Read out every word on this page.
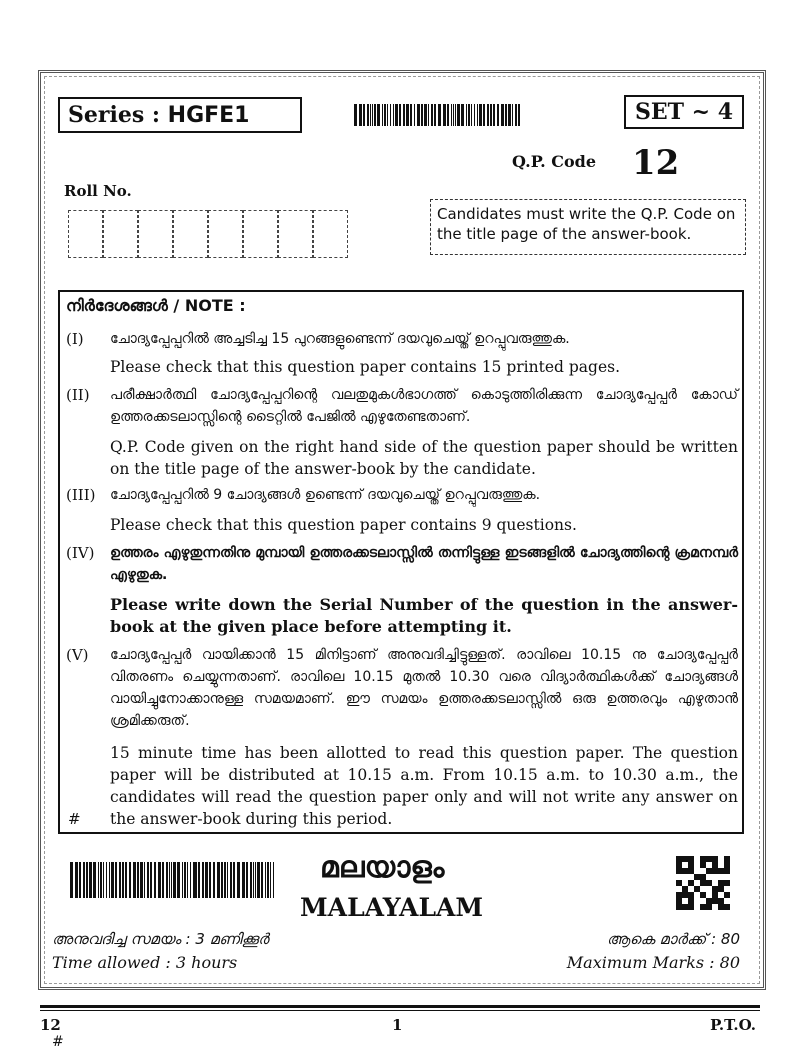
Series : HGFE1	SET ~ 4
Q.P. Code 12
Roll No.
Candidates must write the Q.P. Code on the title page of the answer-book.
നിർദേശങ്ങൾ / NOTE :
(I) ചോദ്യപ്പേപ്പറിൽ അച്ചടിച്ച 15 പുറങ്ങളുണ്ടെന്ന് ദയവുചെയ്ത് ഉറപ്പുവരുത്തുക.
Please check that this question paper contains 15 printed pages.
(II) പരീക്ഷാർത്ഥി ചോദ്യപ്പേപ്പറിന്റെ വലതുമുകൾഭാഗത്ത് കൊടുത്തിരിക്കുന്ന ചോദ്യപ്പേപ്പർ കോഡ് ഉത്തരക്കടലാസ്സിന്റെ ടൈറ്റിൽ പേജിൽ എഴുതേണ്ടതാണ്.
Q.P. Code given on the right hand side of the question paper should be written on the title page of the answer-book by the candidate.
(III) ചോദ്യപ്പേപ്പറിൽ 9 ചോദ്യങ്ങൾ ഉണ്ടെന്ന് ദയവുചെയ്ത് ഉറപ്പുവരുത്തുക.
Please check that this question paper contains 9 questions.
(IV) ഉത്തരം എഴുതുന്നതിനു മുമ്പായി ഉത്തരക്കടലാസ്സിൽ തന്നിട്ടുള്ള ഇടങ്ങളിൽ ചോദ്യത്തിന്റെ ക്രമനമ്പർ എഴുതുക.
Please write down the Serial Number of the question in the answer-book at the given place before attempting it.
(V) ചോദ്യപ്പേപ്പർ വായിക്കാൻ 15 മിനിട്ടാണ് അനുവദിച്ചിട്ടുള്ളത്. രാവിലെ 10.15 നു ചോദ്യപ്പേപ്പർ വിതരണം ചെയ്യുന്നതാണ്. രാവിലെ 10.15 മുതൽ 10.30 വരെ വിദ്യാർത്ഥികൾക്ക് ചോദ്യങ്ങൾ വായിച്ചുനോക്കാനുള്ള സമയമാണ്. ഈ സമയം ഉത്തരക്കടലാസ്സിൽ ഒരു ഉത്തരവും എഴുതാൻ ശ്രമിക്കരുത്.
15 minute time has been allotted to read this question paper. The question paper will be distributed at 10.15 a.m. From 10.15 a.m. to 10.30 a.m., the candidates will read the question paper only and will not write any answer on the answer-book during this period.
#
മലയാളം
MALAYALAM
അനുവദിച്ച സമയം : 3 മണിക്കൂർ
Time allowed : 3 hours
ആകെ മാർക്ക് : 80
Maximum Marks : 80
12
#
1	P.T.O.
